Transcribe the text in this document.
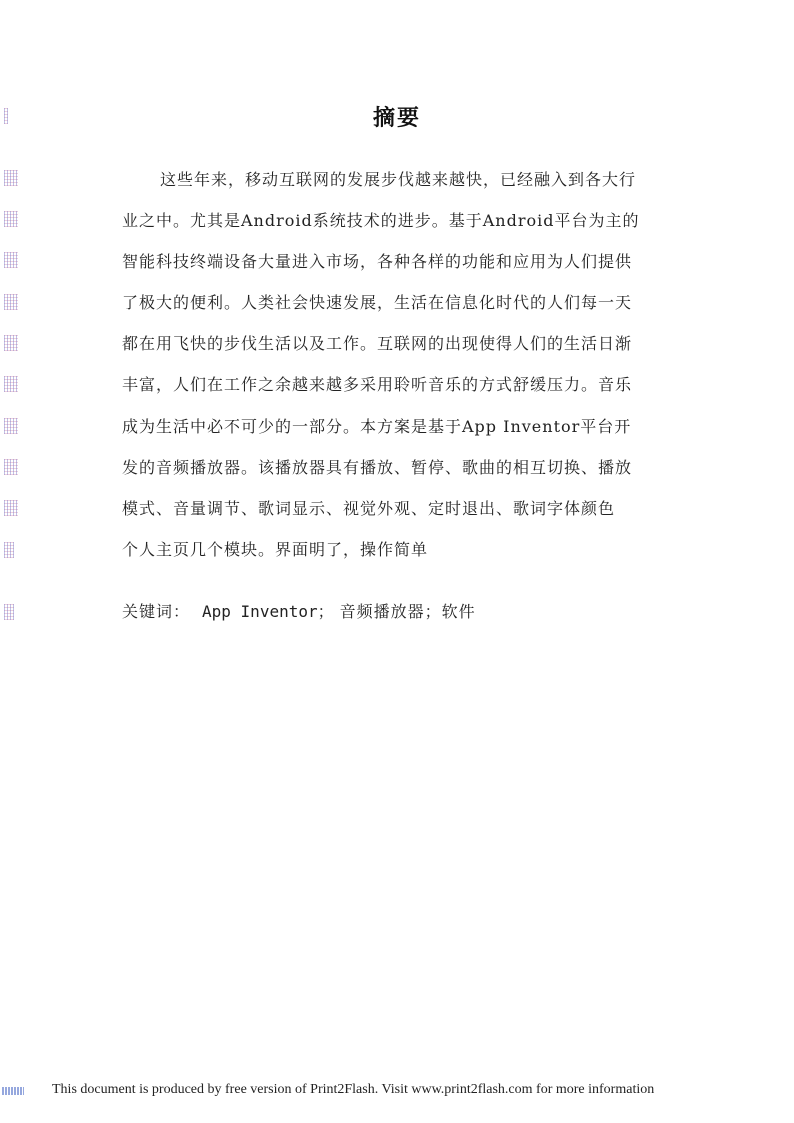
摘要
这些年来，移动互联网的发展步伐越来越快，已经融入到各大行
业之中。尤其是Android系统技术的进步。基于Android平台为主的
智能科技终端设备大量进入市场，各种各样的功能和应用为人们提供
了极大的便利。人类社会快速发展，生活在信息化时代的人们每一天
都在用飞快的步伐生活以及工作。互联网的出现使得人们的生活日渐
丰富，人们在工作之余越来越多采用聆听音乐的方式舒缓压力。音乐
成为生活中必不可少的一部分。本方案是基于App Inventor平台开
发的音频播放器。该播放器具有播放、暂停、歌曲的相互切换、播放
模式、音量调节、歌词显示、视觉外观、定时退出、歌词字体颜色
个人主页几个模块。界面明了，操作简单
关键词： App Inventor； 音频播放器；软件
This document is produced by free version of Print2Flash. Visit www.print2flash.com for more information
